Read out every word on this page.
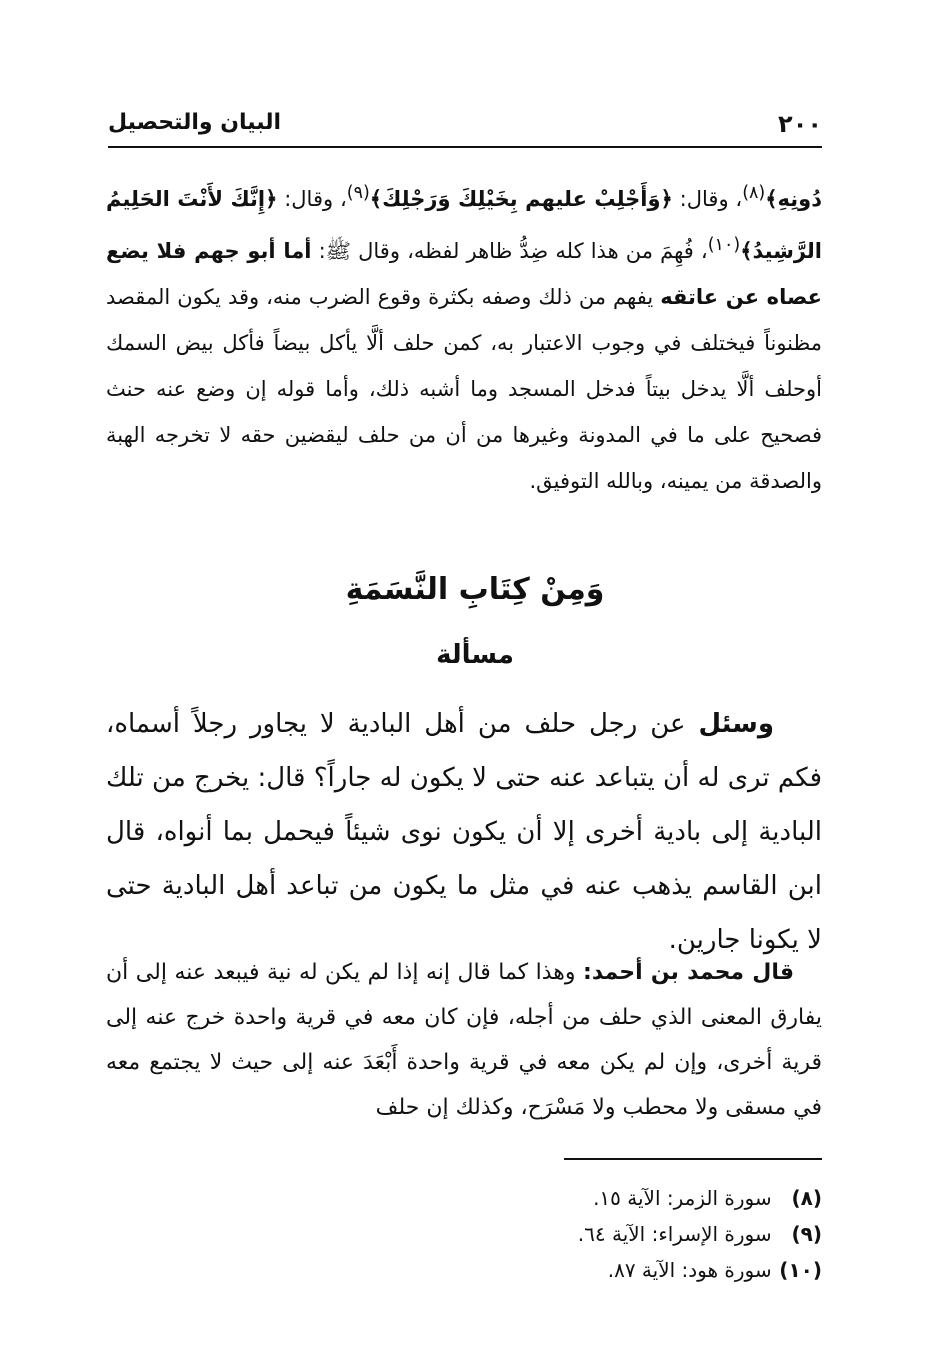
٢٠٠
البيان والتحصيل

دُونِهِ﴾$^{(٨)}$، وقال: ﴿وَأَجْلِبْ عليهم بِخَيْلِكَ وَرَجْلِكَ﴾$^{(٩)}$، وقال: ﴿إِنَّكَ لأَنْتَ الحَلِيمُ الرَّشِيدُ﴾$^{(١٠)}$، فُهِمَ من هذا كله ضِدُّ ظاهر لفظه، وقال ﷺ: أما أبو جهم فلا يضع عصاه عن عاتقه يفهم من ذلك وصفه بكثرة وقوع الضرب منه، وقد يكون المقصد مظنوناً فيختلف في وجوب الاعتبار به، كمن حلف ألَّا يأكل بيضاً فأكل بيض السمك أوحلف ألَّا يدخل بيتاً فدخل المسجد وما أشبه ذلك، وأما قوله إن وضع عنه حنث فصحيح على ما في المدونة وغيرها من أن من حلف ليقضين حقه لا تخرجه الهبة والصدقة من يمينه، وبالله التوفيق.

وَمِنْ كِتَابِ النَّسَمَةِ
مسألة

وسئل عن رجل حلف من أهل البادية لا يجاور رجلاً أسماه، فكم ترى له أن يتباعد عنه حتى لا يكون له جاراً؟ قال: يخرج من تلك البادية إلى بادية أخرى إلا أن يكون نوى شيئاً فيحمل بما أنواه، قال ابن القاسم يذهب عنه في مثل ما يكون من تباعد أهل البادية حتى لا يكونا جارين.

قال محمد بن أحمد: وهذا كما قال إنه إذا لم يكن له نية فيبعد عنه إلى أن يفارق المعنى الذي حلف من أجله، فإن كان معه في قرية واحدة خرج عنه إلى قرية أخرى، وإن لم يكن معه في قرية واحدة أَبْعَدَ عنه إلى حيث لا يجتمع معه في مسقى ولا محطب ولا مَسْرَح، وكذلك إن حلف

(٨) سورة الزمر: الآية ١٥.
(٩) سورة الإسراء: الآية ٦٤.
(١٠) سورة هود: الآية ٨٧.
